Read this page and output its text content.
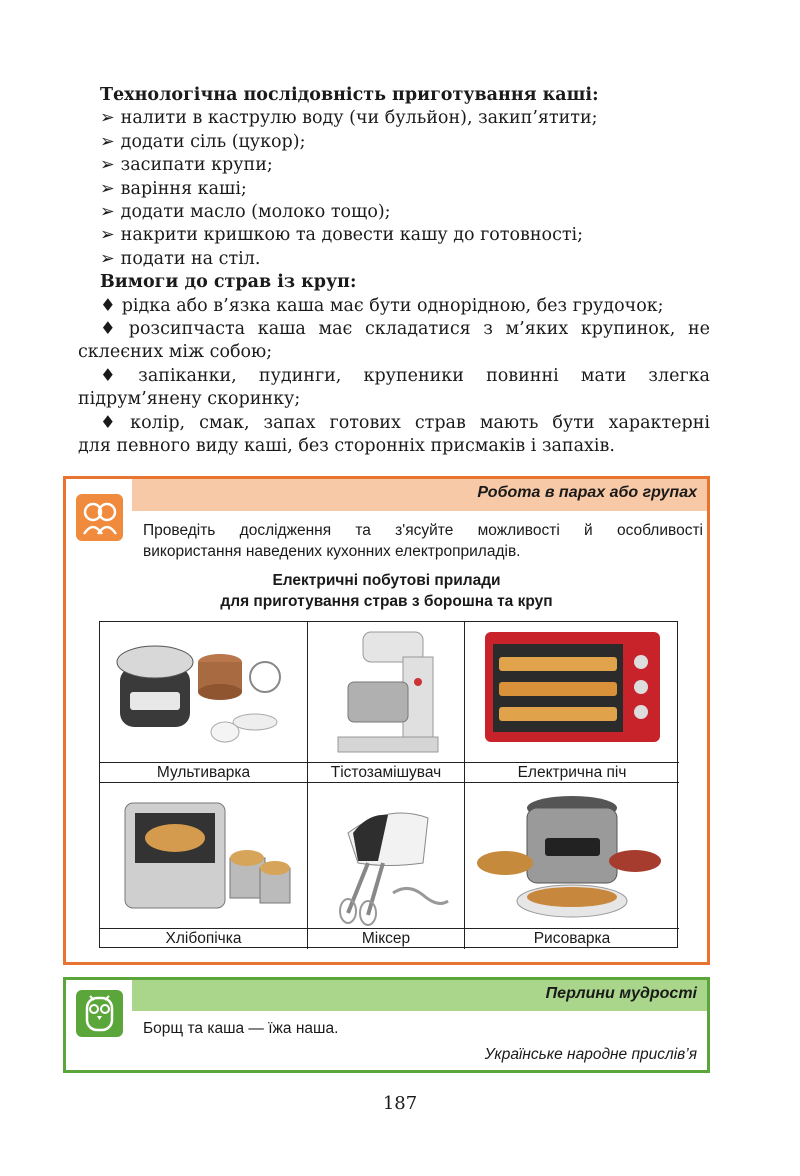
Технологічна послідовність приготування каші:
➢ налити в каструлю воду (чи бульйон), закип’ятити;
➢ додати сіль (цукор);
➢ засипати крупи;
➢ варіння каші;
➢ додати масло (молоко тощо);
➢ накрити кришкою та довести кашу до готовності;
➢ подати на стіл.
Вимоги до страв із круп:
♦ рідка або в’язка каша має бути однорідною, без грудочок;
♦ розсипчаста каша має складатися з м’яких крупинок, не
склеєних між собою;
♦ запіканки, пудинги, крупеники повинні мати злегка
підрум’янену скоринку;
♦ колір, смак, запах готових страв мають бути характерні
для певного виду каші, без сторонніх присмаків і запахів.
Робота в парах або групах
Проведіть дослідження та з'ясуйте можливості й особливості
використання наведених кухонних електроприладів.
Електричні побутові прилади
для приготування страв з борошна та круп
Мультиварка	Тістозамішувач	Електрична піч
Хлібопічка	Міксер	Рисоварка
Перлини мудрості
Борщ та каша — їжа наша.
Українське народне прислів’я
187
